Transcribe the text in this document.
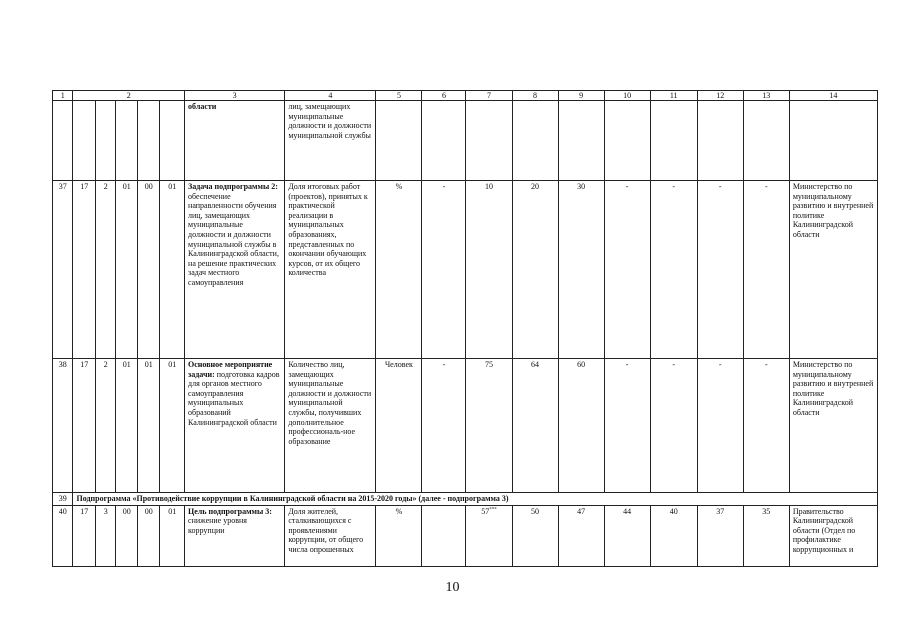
1	2					3	4	5	6	7	8	9	10	11	12	13	14
						области	лиц, замещающих муниципальные должности и должности муниципальной службы										
37	17	2	01	00	01	Задача подпрограммы 2: обеспечение направленности обучения лиц, замещающих муниципальные должности и должности муниципальной службы в Калининградской области, на решение практических задач местного самоуправления	Доля итоговых работ (проектов), принятых к практической реализации в муниципальных образованиях, представленных по окончании обучающих курсов, от их общего количества	%	-	10	20	30	-	-	-	-	Министерство по муниципальному развитию и внутренней политике Калининградской области
38	17	2	01	01	01	Основное мероприятие задачи: подготовка кадров для органов местного самоуправления муниципальных образований Калининградской области	Количество лиц, замещающих муниципальные должности и должности муниципальной службы, получивших дополнительное профессиональ-ное образование	Человек	-	75	64	60	-	-	-	-	Министерство по муниципальному развитию и внутренней политике Калининградской области
39	Подпрограмма «Противодействие коррупции в Калининградской области на 2015-2020 годы» (далее - подпрограмма 3)																
40	17	3	00	00	01	Цель подпрограммы 3: снижение уровня коррупции	Доля жителей, сталкивающихся с проявлениями коррупции, от общего числа опрошенных	%		57***	50	47	44	40	37	35	Правительство Калининградской области (Отдел по профилактике коррупционных и
10
